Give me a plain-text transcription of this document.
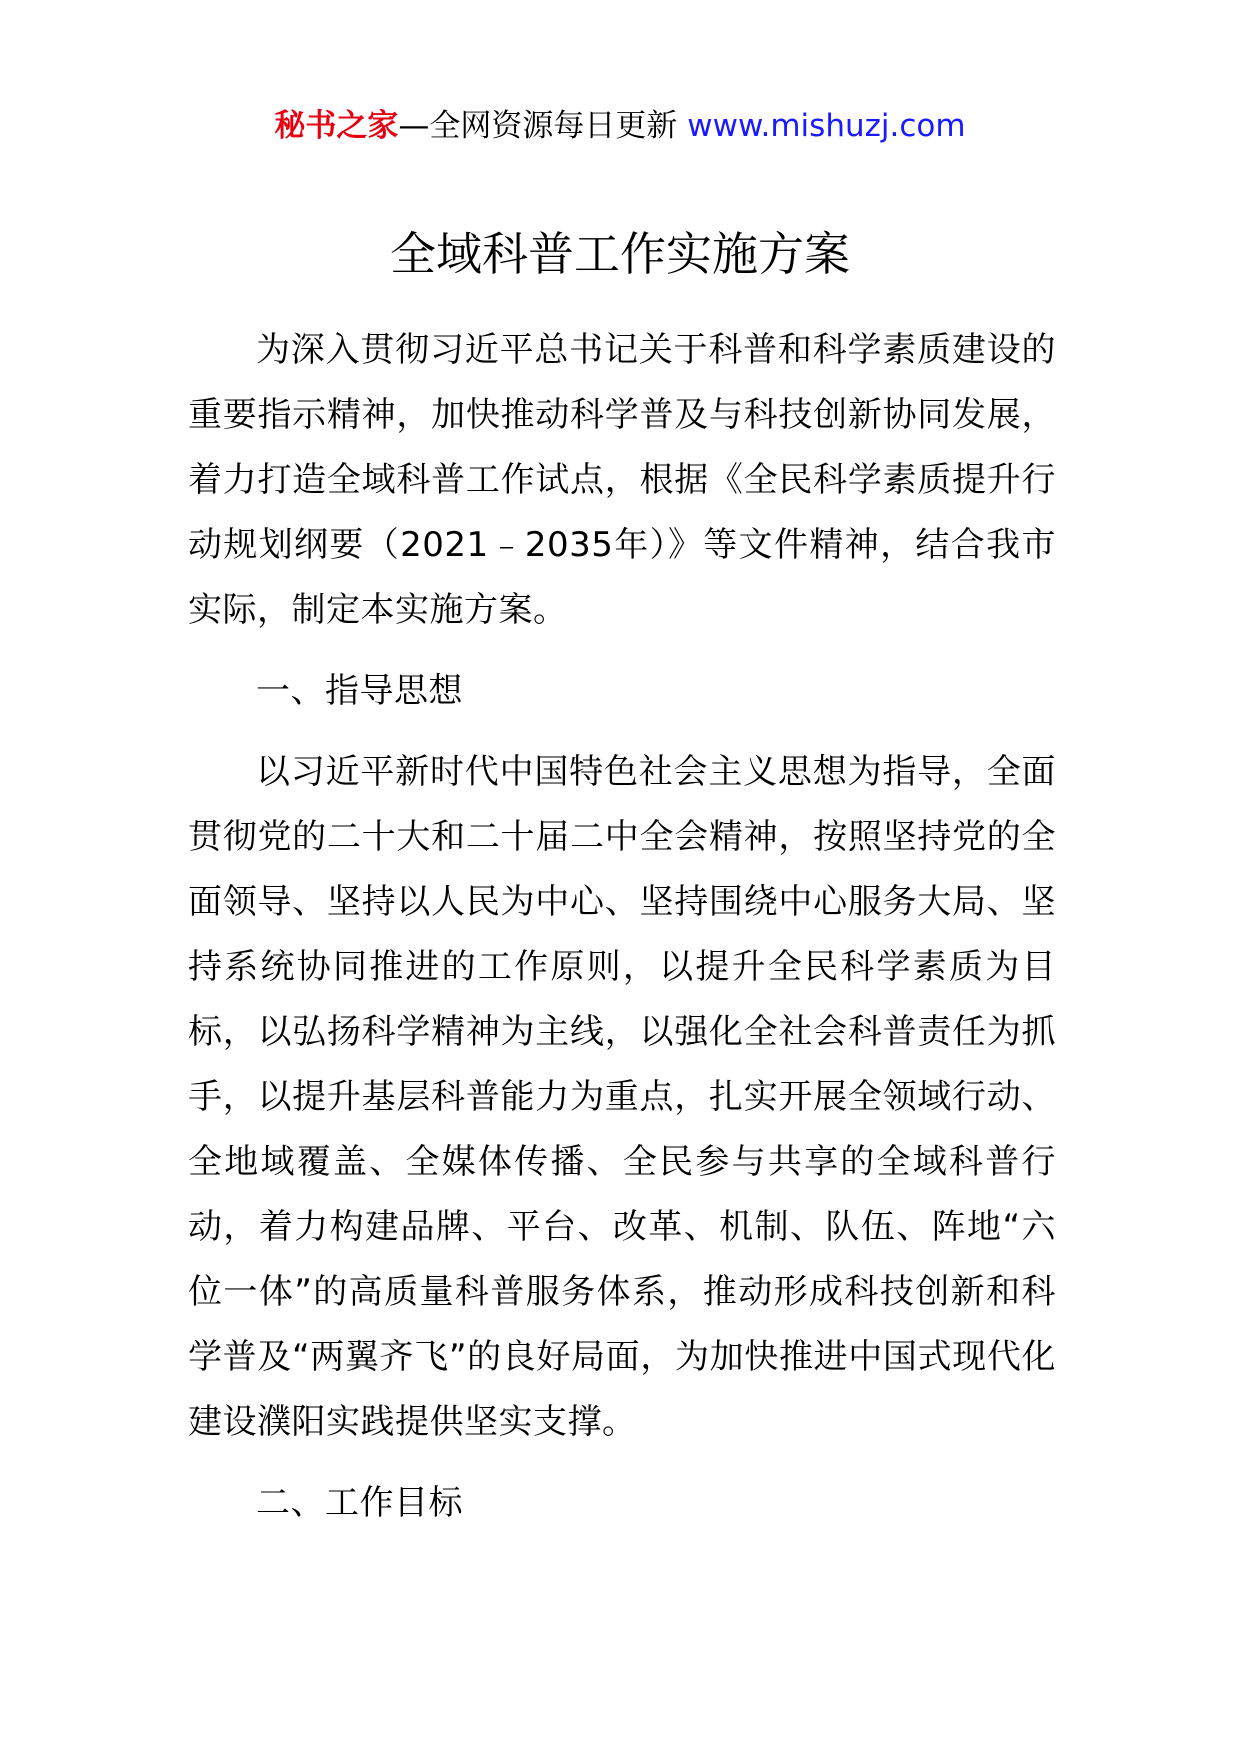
秘书之家—全网资源每日更新 www.mishuzj.com
全域科普工作实施方案

为深入贯彻习近平总书记关于科普和科学素质建设的重要指示精神，加快推动科学普及与科技创新协同发展，着力打造全域科普工作试点，根据《全民科学素质提升行动规划纲要（2021﹣2035年）》等文件精神，结合我市实际，制定本实施方案。

一、指导思想

以习近平新时代中国特色社会主义思想为指导，全面贯彻党的二十大和二十届二中全会精神，按照坚持党的全面领导、坚持以人民为中心、坚持围绕中心服务大局、坚持系统协同推进的工作原则，以提升全民科学素质为目标，以弘扬科学精神为主线，以强化全社会科普责任为抓手，以提升基层科普能力为重点，扎实开展全领域行动、全地域覆盖、全媒体传播、全民参与共享的全域科普行动，着力构建品牌、平台、改革、机制、队伍、阵地“六位一体”的高质量科普服务体系，推动形成科技创新和科学普及“两翼齐飞”的良好局面，为加快推进中国式现代化建设濮阳实践提供坚实支撑。

二、工作目标
